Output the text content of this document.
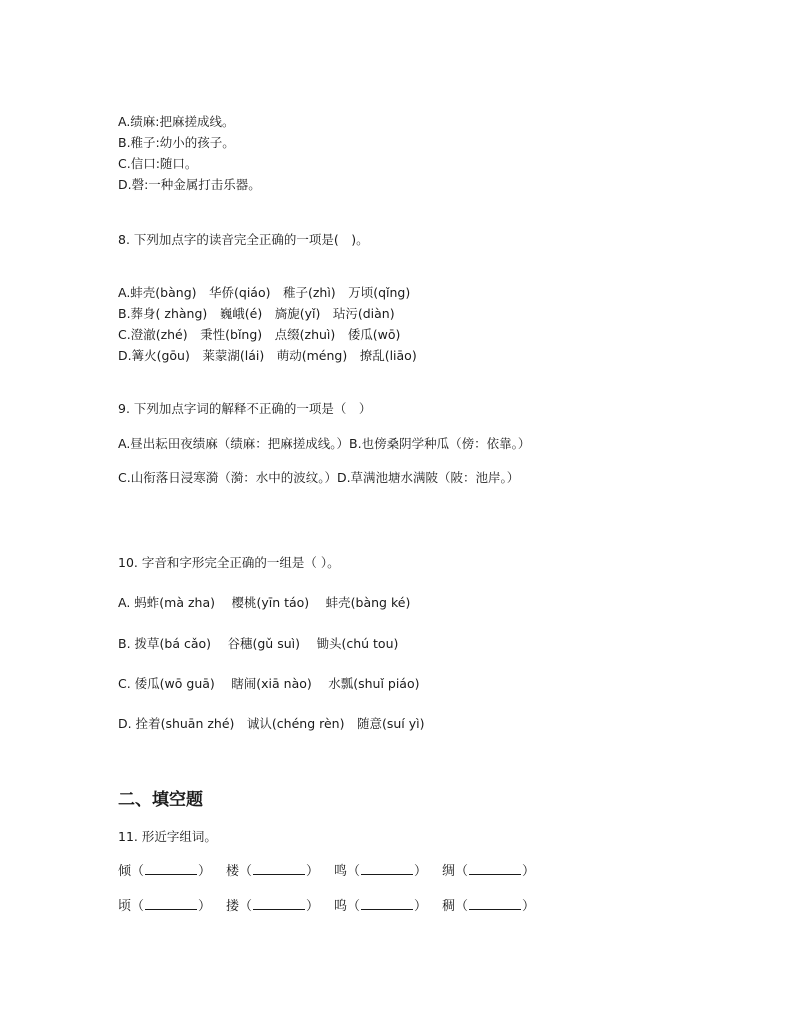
A.绩麻:把麻搓成线。
B.稚子:幼小的孩子。
C.信口:随口。
D.磬:一种金属打击乐器。
8. 下列加点字的读音完全正确的一项是(　)。
A.蚌壳(bàng)　华侨(qiáo)　稚子(zhì)　万顷(qǐng)
B.葬身( zhàng)　巍峨(é)　旖旎(yǐ)　玷污(diàn)
C.澄澈(zhé)　秉性(bǐng)　点缀(zhuì)　倭瓜(wō)
D.篝火(gōu)　莱蒙湖(lái)　萌动(méng)　撩乱(liāo)
9. 下列加点字词的解释不正确的一项是（　）
A.昼出耘田夜绩麻（绩麻：把麻搓成线。）B.也傍桑阴学种瓜（傍：依靠。）
C.山衔落日浸寒漪（漪：水中的波纹。）D.草满池塘水满陂（陂：池岸。）
10. 字音和字形完全正确的一组是（ ）。
A. 蚂蚱(mà zha)　 樱桃(yīn táo)　 蚌壳(bàng ké)
B. 拨草(bá cǎo)　 谷穗(gǔ suì)　 锄头(chú tou)
C. 倭瓜(wō guā)　 瞎闹(xiā nào)　 水瓢(shuǐ piáo)
D. 拴着(shuān zhé)　诚认(chéng rèn)　随意(suí yì)
二、填空题
11. 形近字组词。
倾（	） 楼（	） 鸣（	） 绸（	）
顷（	） 搂（	） 呜（	） 稠（	）
